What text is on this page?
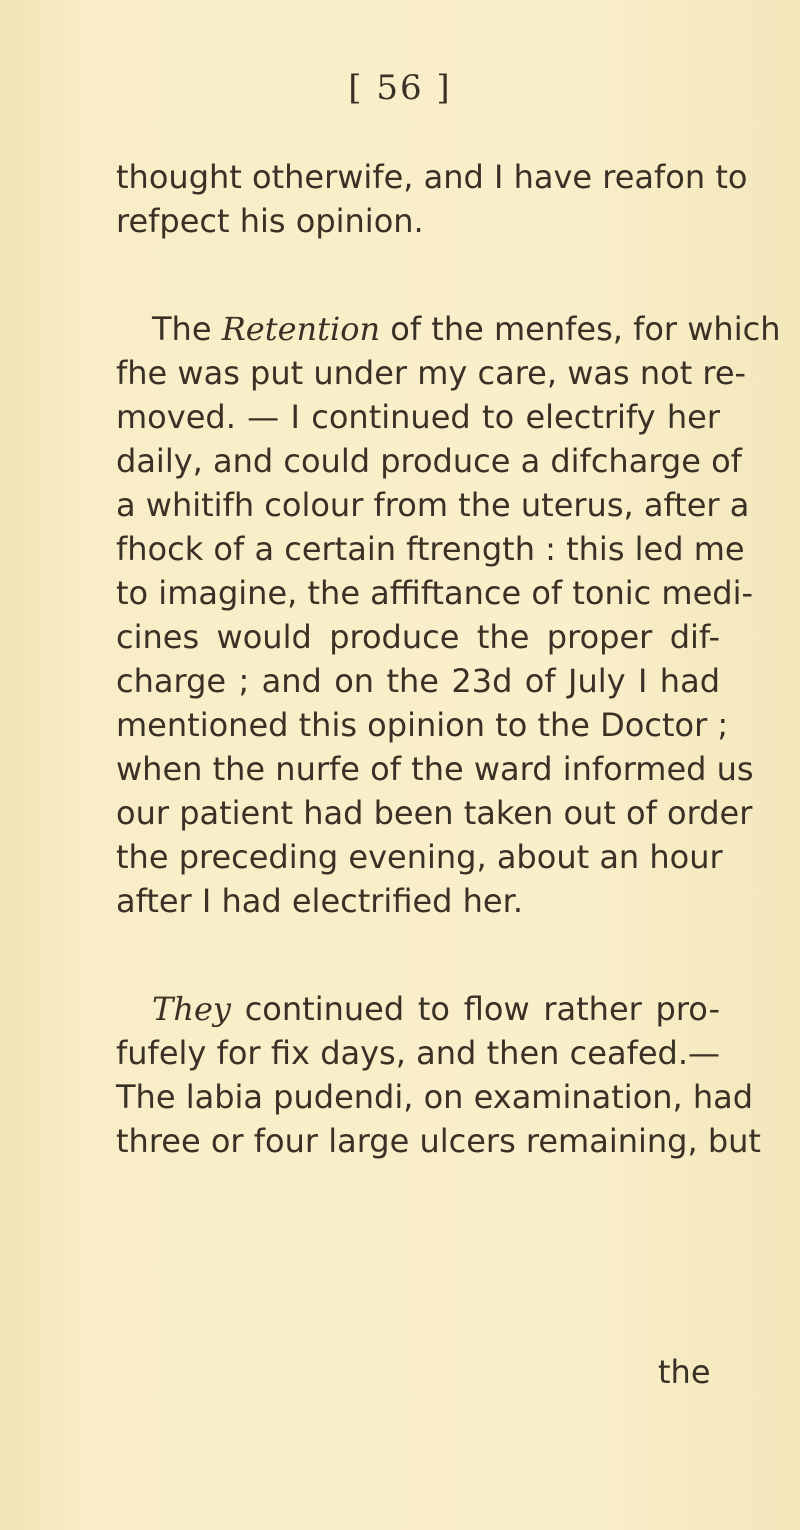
[ 56 ]
thought otherwife, and I have reafon to
refpect his opinion.
The Retention of the menfes, for which
fhe was put under my care, was not re-
moved. — I continued to electrify her
daily, and could produce a difcharge of
a whitifh colour from the uterus, after a
fhock of a certain ftrength : this led me
to imagine, the affiftance of tonic medi-
cines would produce the proper dif-
charge ; and on the 23d of July I had
mentioned this opinion to the Doctor ;
when the nurfe of the ward informed us
our patient had been taken out of order
the preceding evening, about an hour
after I had electrified her.
They continued to flow rather pro-
fufely for fix days, and then ceafed.—
The labia pudendi, on examination, had
three or four large ulcers remaining, but
the
